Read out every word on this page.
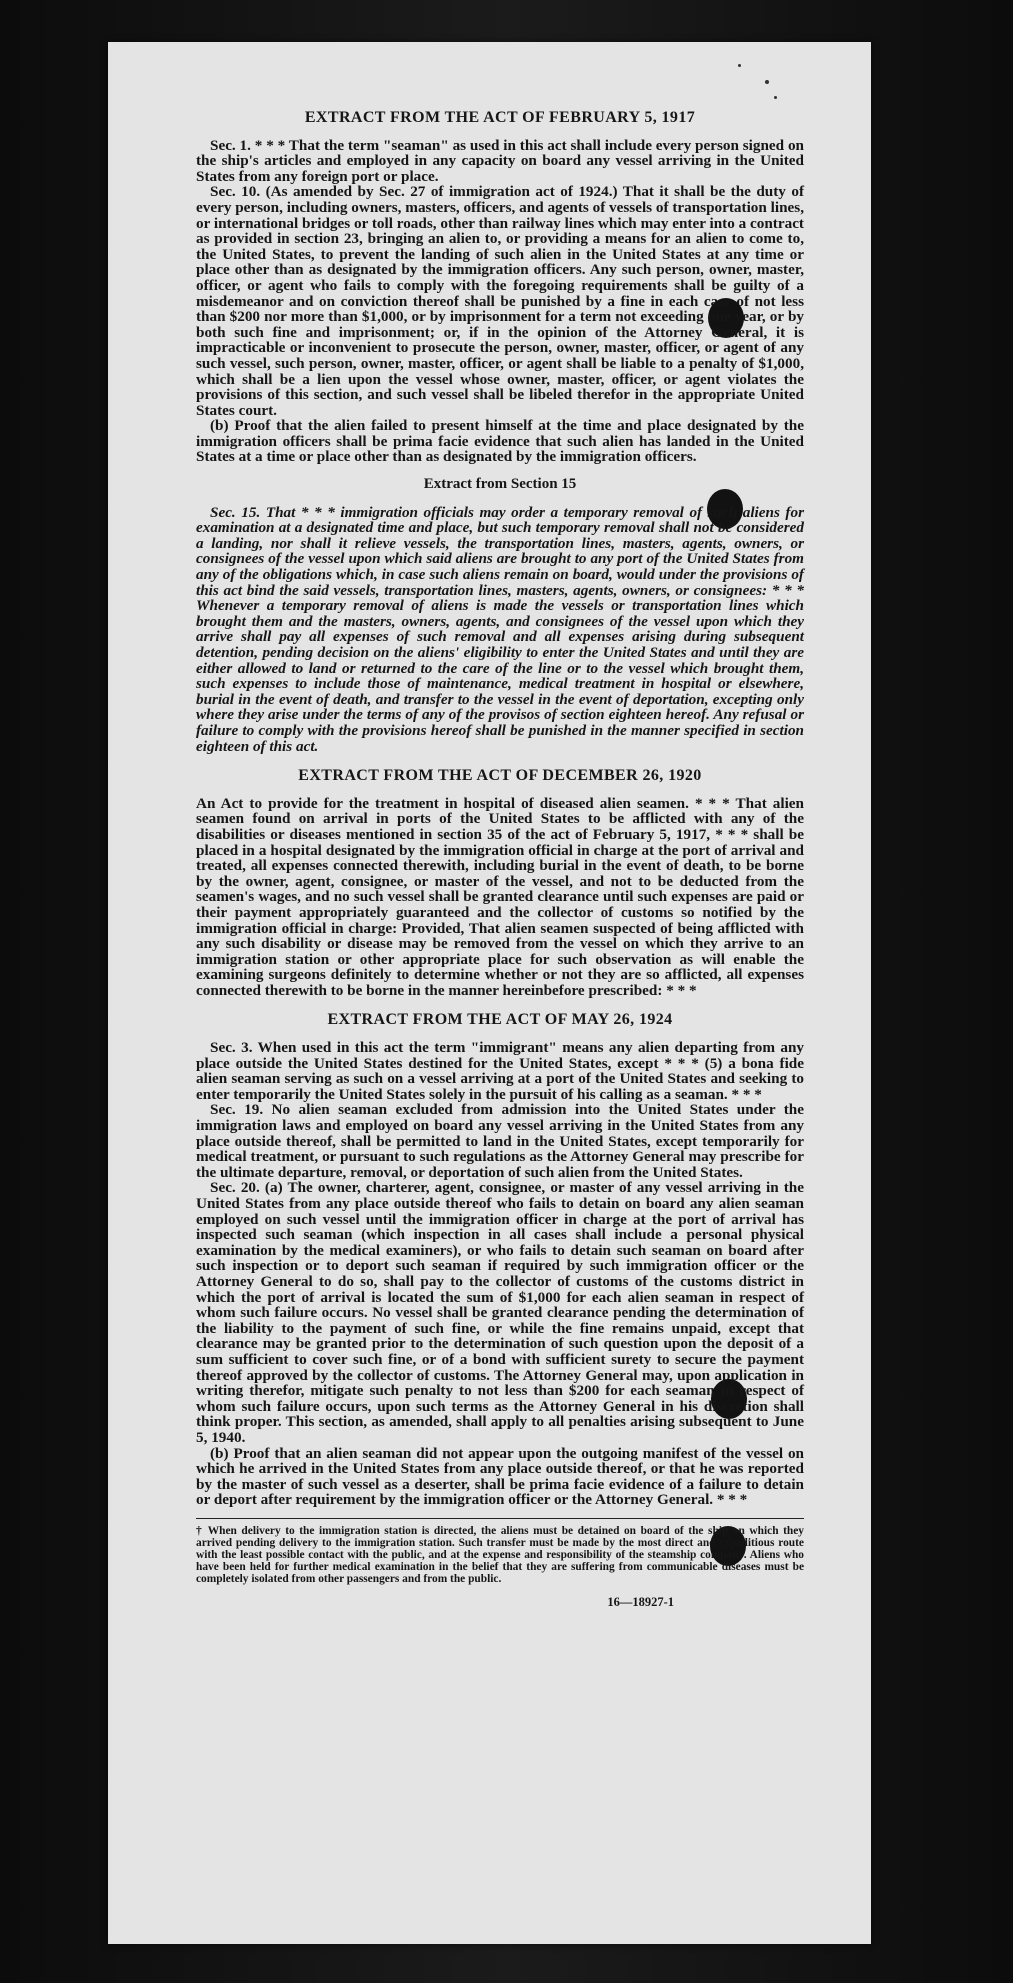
EXTRACT FROM THE ACT OF FEBRUARY 5, 1917

Sec. 1. * * * That the term "seaman" as used in this act shall include every person signed on the ship's articles and employed in any capacity on board any vessel arriving in the United States from any foreign port or place.

Sec. 10. (As amended by Sec. 27 of immigration act of 1924.) That it shall be the duty of every person, including owners, masters, officers, and agents of vessels of transportation lines, or international bridges or toll roads, other than railway lines which may enter into a contract as provided in section 23, bringing an alien to, or providing a means for an alien to come to, the United States, to prevent the landing of such alien in the United States at any time or place other than as designated by the immigration officers. Any such person, owner, master, officer, or agent who fails to comply with the foregoing requirements shall be guilty of a misdemeanor and on conviction thereof shall be punished by a fine in each case of not less than $200 nor more than $1,000, or by imprisonment for a term not exceeding one year, or by both such fine and imprisonment; or, if in the opinion of the Attorney General, it is impracticable or inconvenient to prosecute the person, owner, master, officer, or agent of any such vessel, such person, owner, master, officer, or agent shall be liable to a penalty of $1,000, which shall be a lien upon the vessel whose owner, master, officer, or agent violates the provisions of this section, and such vessel shall be libeled therefor in the appropriate United States court.

(b) Proof that the alien failed to present himself at the time and place designated by the immigration officers shall be prima facie evidence that such alien has landed in the United States at a time or place other than as designated by the immigration officers.

Extract from Section 15

Sec. 15. That * * * immigration officials may order a temporary removal of such aliens for examination at a designated time and place, but such temporary removal shall not be considered a landing, nor shall it relieve vessels, the transportation lines, masters, agents, owners, or consignees of the vessel upon which said aliens are brought to any port of the United States from any of the obligations which, in case such aliens remain on board, would under the provisions of this act bind the said vessels, transportation lines, masters, agents, owners, or consignees: * * * Whenever a temporary removal of aliens is made the vessels or transportation lines which brought them and the masters, owners, agents, and consignees of the vessel upon which they arrive shall pay all expenses of such removal and all expenses arising during subsequent detention, pending decision on the aliens' eligibility to enter the United States and until they are either allowed to land or returned to the care of the line or to the vessel which brought them, such expenses to include those of maintenance, medical treatment in hospital or elsewhere, burial in the event of death, and transfer to the vessel in the event of deportation, excepting only where they arise under the terms of any of the provisos of section eighteen hereof. Any refusal or failure to comply with the provisions hereof shall be punished in the manner specified in section eighteen of this act.

EXTRACT FROM THE ACT OF DECEMBER 26, 1920

An Act to provide for the treatment in hospital of diseased alien seamen. * * * That alien seamen found on arrival in ports of the United States to be afflicted with any of the disabilities or diseases mentioned in section 35 of the act of February 5, 1917, * * * shall be placed in a hospital designated by the immigration official in charge at the port of arrival and treated, all expenses connected therewith, including burial in the event of death, to be borne by the owner, agent, consignee, or master of the vessel, and not to be deducted from the seamen's wages, and no such vessel shall be granted clearance until such expenses are paid or their payment appropriately guaranteed and the collector of customs so notified by the immigration official in charge: Provided, That alien seamen suspected of being afflicted with any such disability or disease may be removed from the vessel on which they arrive to an immigration station or other appropriate place for such observation as will enable the examining surgeons definitely to determine whether or not they are so afflicted, all expenses connected therewith to be borne in the manner hereinbefore prescribed: * * *

EXTRACT FROM THE ACT OF MAY 26, 1924

Sec. 3. When used in this act the term "immigrant" means any alien departing from any place outside the United States destined for the United States, except * * * (5) a bona fide alien seaman serving as such on a vessel arriving at a port of the United States and seeking to enter temporarily the United States solely in the pursuit of his calling as a seaman. * * *

Sec. 19. No alien seaman excluded from admission into the United States under the immigration laws and employed on board any vessel arriving in the United States from any place outside thereof, shall be permitted to land in the United States, except temporarily for medical treatment, or pursuant to such regulations as the Attorney General may prescribe for the ultimate departure, removal, or deportation of such alien from the United States.

Sec. 20. (a) The owner, charterer, agent, consignee, or master of any vessel arriving in the United States from any place outside thereof who fails to detain on board any alien seaman employed on such vessel until the immigration officer in charge at the port of arrival has inspected such seaman (which inspection in all cases shall include a personal physical examination by the medical examiners), or who fails to detain such seaman on board after such inspection or to deport such seaman if required by such immigration officer or the Attorney General to do so, shall pay to the collector of customs of the customs district in which the port of arrival is located the sum of $1,000 for each alien seaman in respect of whom such failure occurs. No vessel shall be granted clearance pending the determination of the liability to the payment of such fine, or while the fine remains unpaid, except that clearance may be granted prior to the determination of such question upon the deposit of a sum sufficient to cover such fine, or of a bond with sufficient surety to secure the payment thereof approved by the collector of customs. The Attorney General may, upon application in writing therefor, mitigate such penalty to not less than $200 for each seaman in respect of whom such failure occurs, upon such terms as the Attorney General in his discretion shall think proper. This section, as amended, shall apply to all penalties arising subsequent to June 5, 1940.

(b) Proof that an alien seaman did not appear upon the outgoing manifest of the vessel on which he arrived in the United States from any place outside thereof, or that he was reported by the master of such vessel as a deserter, shall be prima facie evidence of a failure to detain or deport after requirement by the immigration officer or the Attorney General. * * *

† When delivery to the immigration station is directed, the aliens must be detained on board of the ship on which they arrived pending delivery to the immigration station. Such transfer must be made by the most direct and expeditious route with the least possible contact with the public, and at the expense and responsibility of the steamship company. Aliens who have been held for further medical examination in the belief that they are suffering from communicable diseases must be completely isolated from other passengers and from the public.
16—18927-1
